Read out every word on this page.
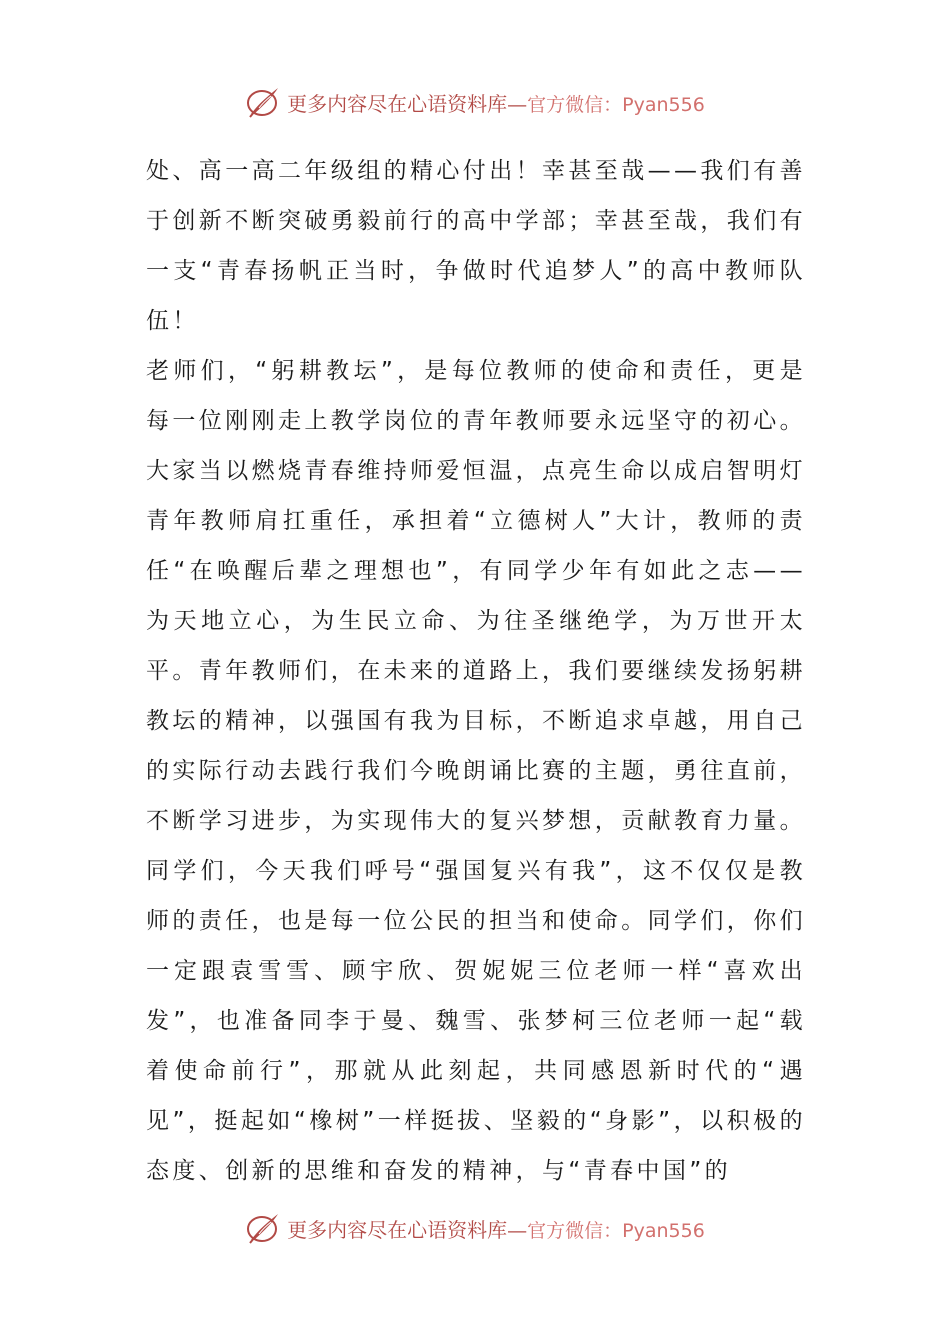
更多内容尽在心语资料库— 官方微信：Pyan556

处、高一高二年级组的精心付出！幸甚至哉——我们有善于创新不断突破勇毅前行的高中学部；幸甚至哉，我们有一支“青春扬帆正当时，争做时代追梦人”的高中教师队伍！

老师们，“躬耕教坛”，是每位教师的使命和责任，更是每一位刚刚走上教学岗位的青年教师要永远坚守的初心。大家当以燃烧青春维持师爱恒温，点亮生命以成启智明灯青年教师肩扛重任，承担着“立德树人”大计，教师的责任“在唤醒后辈之理想也”，有同学少年有如此之志——为天地立心，为生民立命、为往圣继绝学，为万世开太平。青年教师们，在未来的道路上，我们要继续发扬躬耕教坛的精神，以强国有我为目标，不断追求卓越，用自己的实际行动去践行我们今晚朗诵比赛的主题，勇往直前，不断学习进步，为实现伟大的复兴梦想，贡献教育力量。

同学们，今天我们呼号“强国复兴有我”，这不仅仅是教师的责任，也是每一位公民的担当和使命。同学们，你们一定跟袁雪雪、顾宇欣、贺妮妮三位老师一样“喜欢出发”，也准备同李于曼、魏雪、张梦柯三位老师一起“载着使命前行”，那就从此刻起，共同感恩新时代的“遇见”，挺起如“橡树”一样挺拔、坚毅的“身影”，以积极的态度、创新的思维和奋发的精神，与“青春中国”的

更多内容尽在心语资料库— 官方微信：Pyan556
